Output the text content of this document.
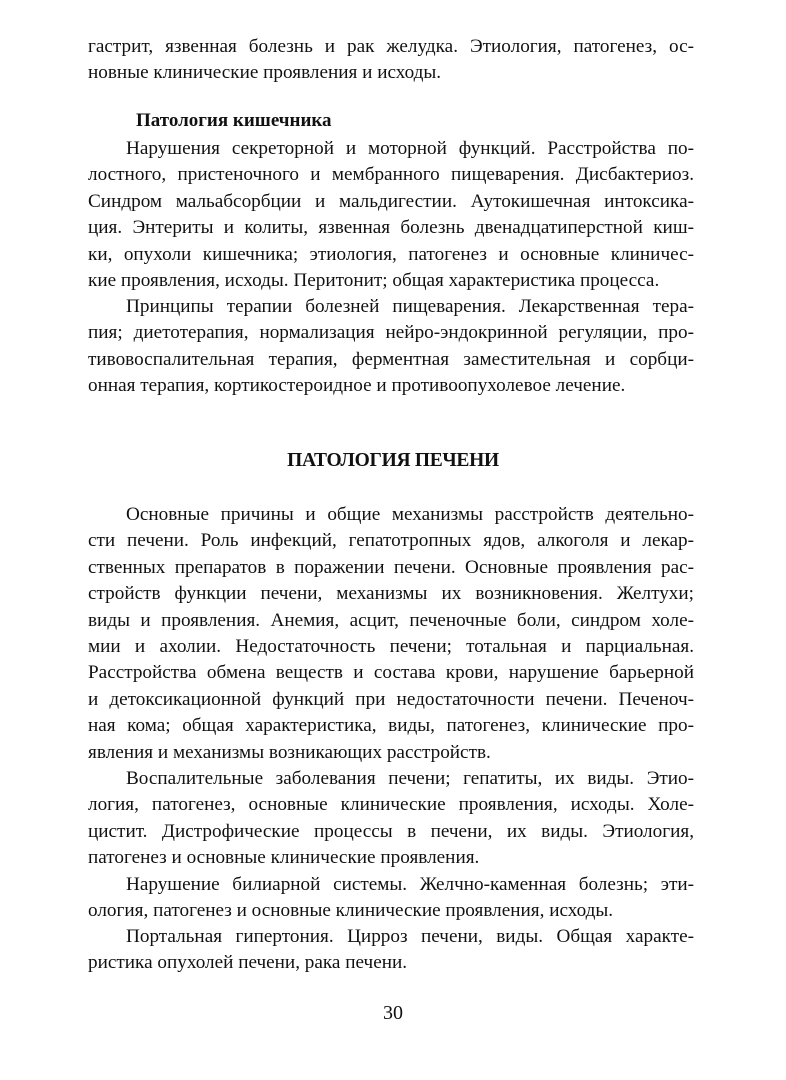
гастрит, язвенная болезнь и рак желудка. Этиология, патогенез, ос-
новные клинические проявления и исходы.
Патология кишечника
Нарушения секреторной и моторной функций. Расстройства по-
лостного, пристеночного и мембранного пищеварения. Дисбактериоз.
Синдром мальабсорбции и мальдигестии. Аутокишечная интоксика-
ция. Энтериты и колиты, язвенная болезнь двенадцатиперстной киш-
ки, опухоли кишечника; этиология, патогенез и основные клиничес-
кие проявления, исходы. Перитонит; общая характеристика процесса.
Принципы терапии болезней пищеварения. Лекарственная тера-
пия; диетотерапия, нормализация нейро-эндокринной регуляции, про-
тивовоспалительная терапия, ферментная заместительная и сорбци-
онная терапия, кортикостероидное и противоопухолевое лечение.
ПАТОЛОГИЯ ПЕЧЕНИ
Основные причины и общие механизмы расстройств деятельно-
сти печени. Роль инфекций, гепатотропных ядов, алкоголя и лекар-
ственных препаратов в поражении печени. Основные проявления рас-
стройств функции печени, механизмы их возникновения. Желтухи;
виды и проявления. Анемия, асцит, печеночные боли, синдром холе-
мии и ахолии. Недостаточность печени; тотальная и парциальная.
Расстройства обмена веществ и состава крови, нарушение барьерной
и детоксикационной функций при недостаточности печени. Печеноч-
ная кома; общая характеристика, виды, патогенез, клинические про-
явления и механизмы возникающих расстройств.
Воспалительные заболевания печени; гепатиты, их виды. Этио-
логия, патогенез, основные клинические проявления, исходы. Холе-
цистит. Дистрофические процессы в печени, их виды. Этиология,
патогенез и основные клинические проявления.
Нарушение билиарной системы. Желчно-каменная болезнь; эти-
ология, патогенез и основные клинические проявления, исходы.
Портальная гипертония. Цирроз печени, виды. Общая характе-
ристика опухолей печени, рака печени.
30
